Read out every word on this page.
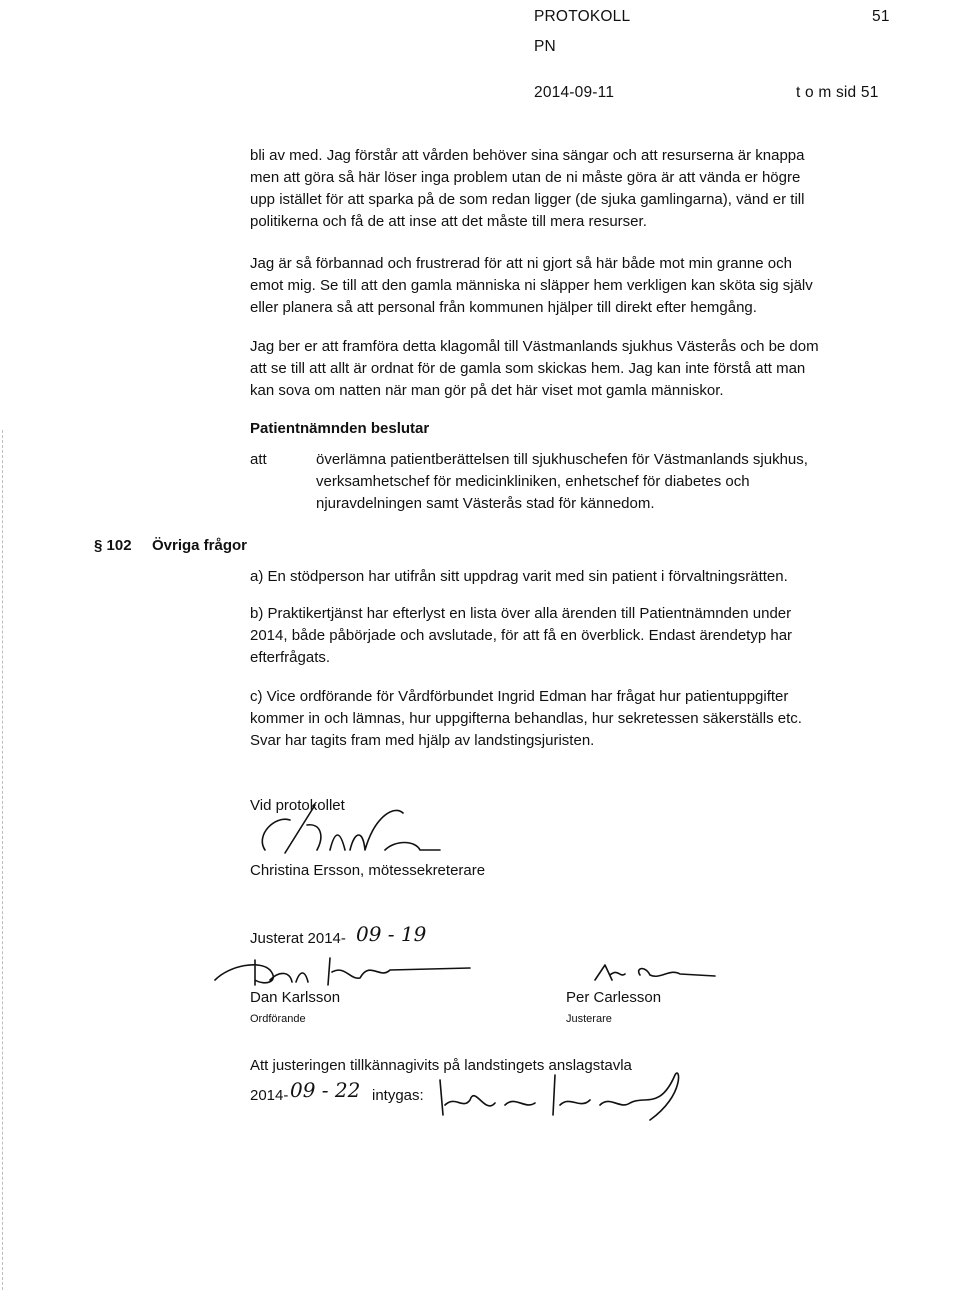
PROTOKOLL	51
PN
2014-09-11	t o m sid 51

bli av med. Jag förstår att vården behöver sina sängar och att resurserna är knappa

men att göra så här löser inga problem utan de ni måste göra är att vända er högre

upp istället för att sparka på de som redan ligger (de sjuka gamlingarna), vänd er till

politikerna och få de att inse att det måste till mera resurser.

Jag är så förbannad och frustrerad för att ni gjort så här både mot min granne och

emot mig. Se till att den gamla människa ni släpper hem verkligen kan sköta sig själv

eller planera så att personal från kommunen hjälper till direkt efter hemgång.

Jag ber er att framföra detta klagomål till Västmanlands sjukhus Västerås och be dom

att se till att allt är ordnat för de gamla som skickas hem. Jag kan inte förstå att man

kan sova om natten när man gör på det här viset mot gamla människor.

Patientnämnden beslutar
att	överlämna patientberättelsen till sjukhuschefen för Västmanlands sjukhus,
verksamhetschef för medicinkliniken, enhetschef för diabetes och
njuravdelningen samt Västerås stad för kännedom.
§ 102 Övriga frågor

a) En stödperson har utifrån sitt uppdrag varit med sin patient i förvaltningsrätten.

b) Praktikertjänst har efterlyst en lista över alla ärenden till Patientnämnden under

2014, både påbörjade och avslutade, för att få en överblick. Endast ärendetyp har

efterfrågats.

c) Vice ordförande för Vårdförbundet Ingrid Edman har frågat hur patientuppgifter

kommer in och lämnas, hur uppgifterna behandlas, hur sekretessen säkerställs etc.

Svar har tagits fram med hjälp av landstingsjuristen.

Vid protokollet
Christina Ersson, mötessekreterare
Justerat 2014- 09 - 19
Dan Karlsson
Ordförande
Per Carlesson
Justerare
Att justeringen tillkännagivits på landstingets anslagstavla
2014- 09 - 22 intygas:
